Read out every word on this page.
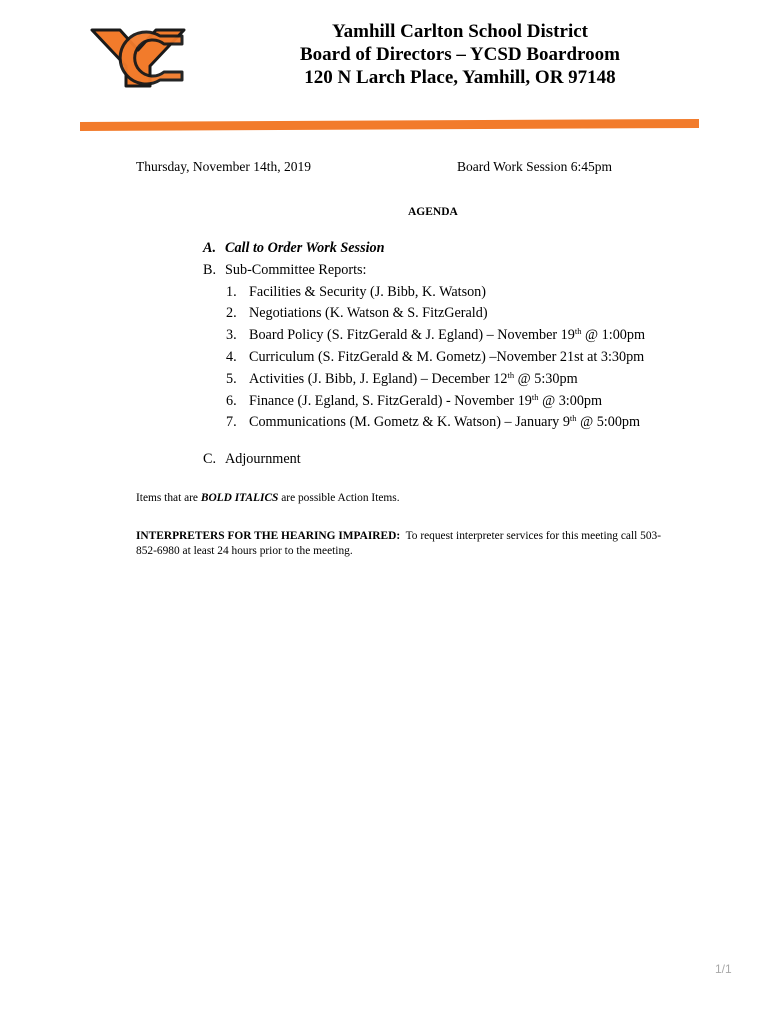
Yamhill Carlton School District
Board of Directors – YCSD Boardroom
120 N Larch Place, Yamhill, OR 97148
Thursday, November 14th, 2019	Board Work Session 6:45pm
AGENDA
A. Call to Order Work Session
B. Sub-Committee Reports:
1. Facilities & Security (J. Bibb, K. Watson)
2. Negotiations (K. Watson & S. FitzGerald)
3. Board Policy (S. FitzGerald & J. Egland) – November 19th @ 1:00pm
4. Curriculum (S. FitzGerald & M. Gometz) –November 21st at 3:30pm
5. Activities (J. Bibb, J. Egland) – December 12th @ 5:30pm
6. Finance (J. Egland, S. FitzGerald) - November 19th @ 3:00pm
7. Communications (M. Gometz & K. Watson) – January 9th @ 5:00pm
C. Adjournment
Items that are BOLD ITALICS are possible Action Items.
INTERPRETERS FOR THE HEARING IMPAIRED:  To request interpreter services for this meeting call 503-
852-6980 at least 24 hours prior to the meeting.
1/1
